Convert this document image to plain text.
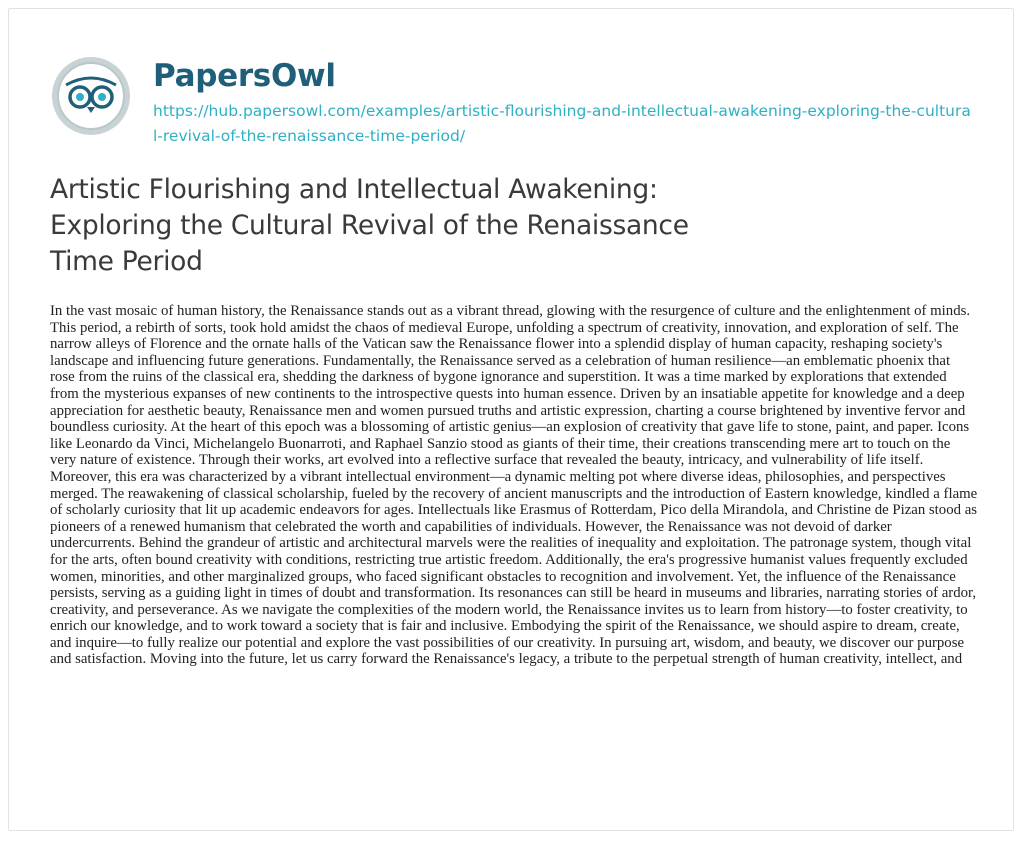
PapersOwl
https://hub.papersowl.com/examples/artistic-flourishing-and-intellectual-awakening-exploring-the-cultural-revival-of-the-renaissance-time-period/
Artistic Flourishing and Intellectual Awakening: Exploring the Cultural Revival of the Renaissance Time Period

In the vast mosaic of human history, the Renaissance stands out as a vibrant thread, glowing with the resurgence of culture and the enlightenment of minds. This period, a rebirth of sorts, took hold amidst the chaos of medieval Europe, unfolding a spectrum of creativity, innovation, and exploration of self. The narrow alleys of Florence and the ornate halls of the Vatican saw the Renaissance flower into a splendid display of human capacity, reshaping society's landscape and influencing future generations. Fundamentally, the Renaissance served as a celebration of human resilience—an emblematic phoenix that rose from the ruins of the classical era, shedding the darkness of bygone ignorance and superstition. It was a time marked by explorations that extended from the mysterious expanses of new continents to the introspective quests into human essence. Driven by an insatiable appetite for knowledge and a deep appreciation for aesthetic beauty, Renaissance men and women pursued truths and artistic expression, charting a course brightened by inventive fervor and boundless curiosity. At the heart of this epoch was a blossoming of artistic genius—an explosion of creativity that gave life to stone, paint, and paper. Icons like Leonardo da Vinci, Michelangelo Buonarroti, and Raphael Sanzio stood as giants of their time, their creations transcending mere art to touch on the very nature of existence. Through their works, art evolved into a reflective surface that revealed the beauty, intricacy, and vulnerability of life itself. Moreover, this era was characterized by a vibrant intellectual environment—a dynamic melting pot where diverse ideas, philosophies, and perspectives merged. The reawakening of classical scholarship, fueled by the recovery of ancient manuscripts and the introduction of Eastern knowledge, kindled a flame of scholarly curiosity that lit up academic endeavors for ages. Intellectuals like Erasmus of Rotterdam, Pico della Mirandola, and Christine de Pizan stood as pioneers of a renewed humanism that celebrated the worth and capabilities of individuals. However, the Renaissance was not devoid of darker undercurrents. Behind the grandeur of artistic and architectural marvels were the realities of inequality and exploitation. The patronage system, though vital for the arts, often bound creativity with conditions, restricting true artistic freedom. Additionally, the era's progressive humanist values frequently excluded women, minorities, and other marginalized groups, who faced significant obstacles to recognition and involvement. Yet, the influence of the Renaissance persists, serving as a guiding light in times of doubt and transformation. Its resonances can still be heard in museums and libraries, narrating stories of ardor, creativity, and perseverance. As we navigate the complexities of the modern world, the Renaissance invites us to learn from history—to foster creativity, to enrich our knowledge, and to work toward a society that is fair and inclusive. Embodying the spirit of the Renaissance, we should aspire to dream, create, and inquire—to fully realize our potential and explore the vast possibilities of our creativity. In pursuing art, wisdom, and beauty, we discover our purpose and satisfaction. Moving into the future, let us carry forward the Renaissance's legacy, a tribute to the perpetual strength of human creativity, intellect, and
